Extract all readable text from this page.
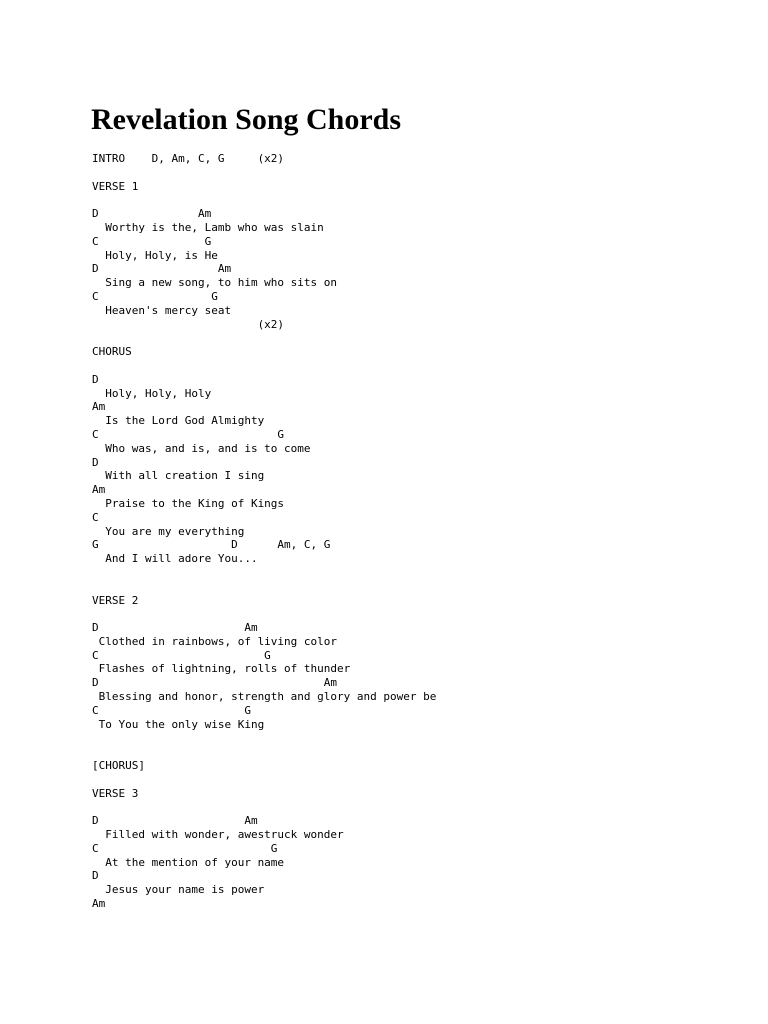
Revelation Song Chords
INTRO    D, Am, C, G     (x2)
VERSE 1
D               Am
Worthy is the, Lamb who was slain
C                G
Holy, Holy, is He
D                  Am
Sing a new song, to him who sits on
C                 G
Heaven's mercy seat
(x2)
CHORUS
D
Holy, Holy, Holy
Am
Is the Lord God Almighty
C                           G
Who was, and is, and is to come
D
With all creation I sing
Am
Praise to the King of Kings
C
You are my everything
G                    D      Am, C, G
And I will adore You...
VERSE 2
D                      Am
Clothed in rainbows, of living color
C                         G
Flashes of lightning, rolls of thunder
D                                  Am
Blessing and honor, strength and glory and power be
C                      G
To You the only wise King
[CHORUS]
VERSE 3
D                      Am
Filled with wonder, awestruck wonder
C                          G
At the mention of your name
D
Jesus your name is power
Am
